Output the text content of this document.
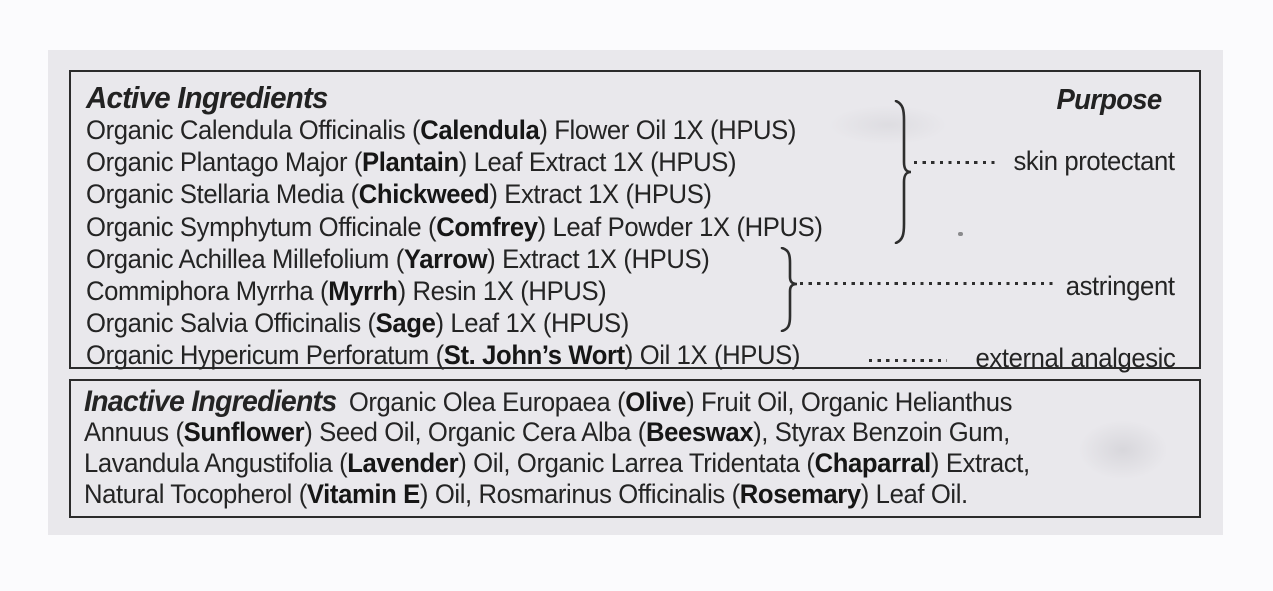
Active Ingredients	Purpose
Organic Calendula Officinalis (Calendula) Flower Oil 1X (HPUS)
Organic Plantago Major (Plantain) Leaf Extract 1X (HPUS)
Organic Stellaria Media (Chickweed) Extract 1X (HPUS)
Organic Symphytum Officinale (Comfrey) Leaf Powder 1X (HPUS)
Organic Achillea Millefolium (Yarrow) Extract 1X (HPUS)
Commiphora Myrrha (Myrrh) Resin 1X (HPUS)
Organic Salvia Officinalis (Sage) Leaf 1X (HPUS)
Organic Hypericum Perforatum (St. John’s Wort) Oil 1X (HPUS)
skin protectant
astringent
external analgesic
Inactive Ingredients Organic Olea Europaea (Olive) Fruit Oil, Organic Helianthus
Annuus (Sunflower) Seed Oil, Organic Cera Alba (Beeswax), Styrax Benzoin Gum,
Lavandula Angustifolia (Lavender) Oil, Organic Larrea Tridentata (Chaparral) Extract,
Natural Tocopherol (Vitamin E) Oil, Rosmarinus Officinalis (Rosemary) Leaf Oil.
